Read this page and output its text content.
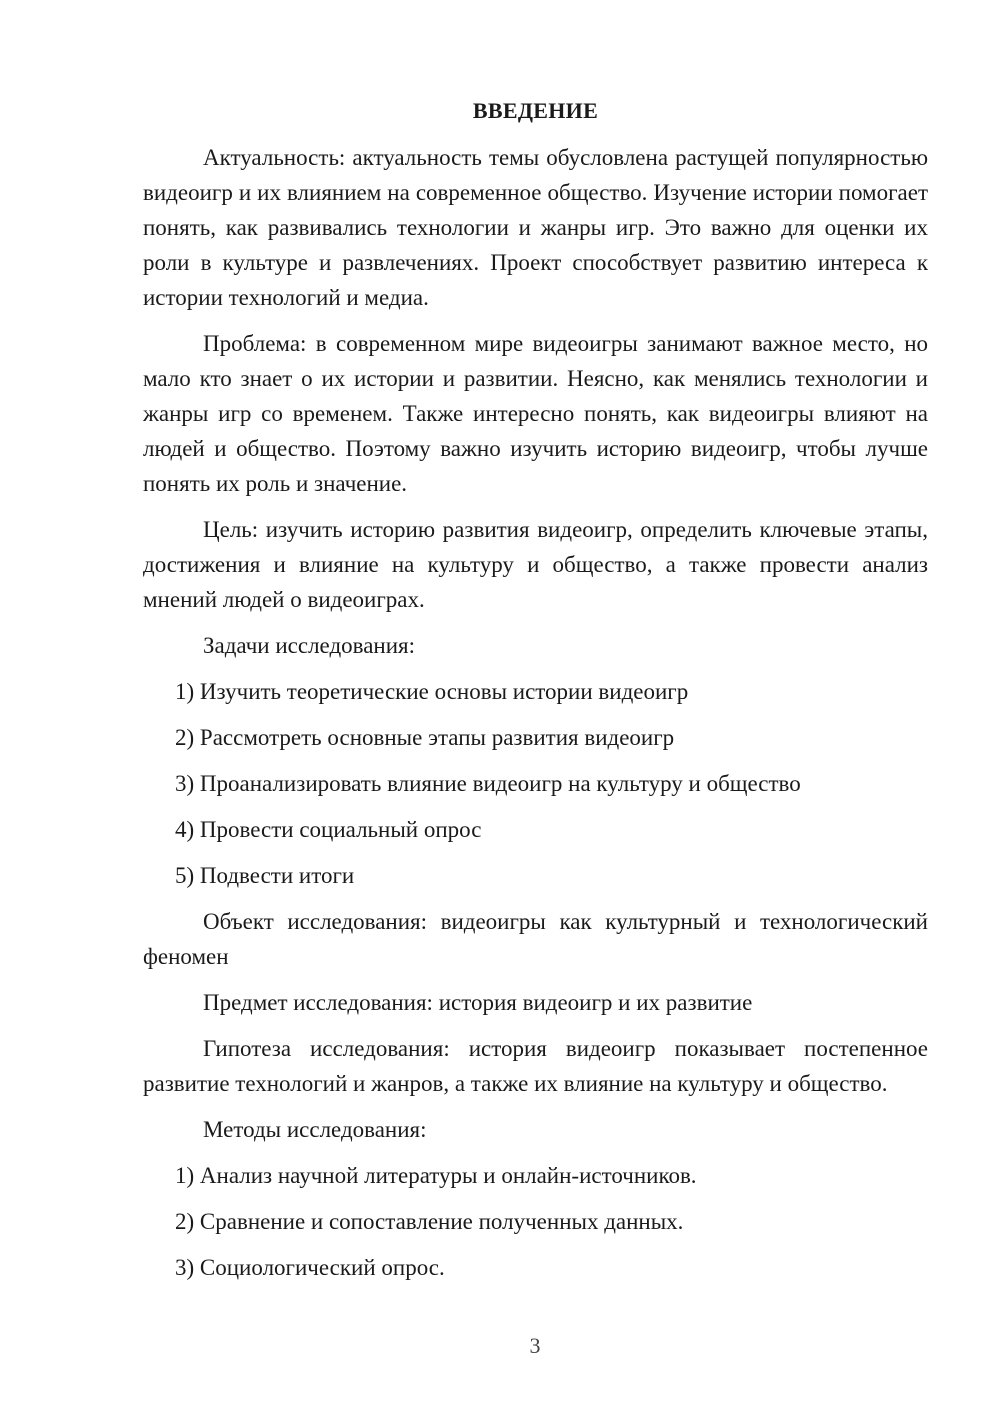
ВВЕДЕНИЕ

Актуальность: актуальность темы обусловлена растущей популярностью видеоигр и их влиянием на современное общество. Изучение истории помогает понять, как развивались технологии и жанры игр. Это важно для оценки их роли в культуре и развлечениях. Проект способствует развитию интереса к истории технологий и медиа.

Проблема: в современном мире видеоигры занимают важное место, но мало кто знает о их истории и развитии. Неясно, как менялись технологии и жанры игр со временем. Также интересно понять, как видеоигры влияют на людей и общество. Поэтому важно изучить историю видеоигр, чтобы лучше понять их роль и значение.

Цель: изучить историю развития видеоигр, определить ключевые этапы, достижения и влияние на культуру и общество, а также провести анализ мнений людей о видеоиграх.

Задачи исследования:

1) Изучить теоретические основы истории видеоигр
2) Рассмотреть основные этапы развития видеоигр
3) Проанализировать влияние видеоигр на культуру и общество
4) Провести социальный опрос
5) Подвести итоги

Объект исследования: видеоигры как культурный и технологический феномен

Предмет исследования: история видеоигр и их развитие

Гипотеза исследования: история видеоигр показывает постепенное развитие технологий и жанров, а также их влияние на культуру и общество.

Методы исследования:

1) Анализ научной литературы и онлайн-источников.
2) Сравнение и сопоставление полученных данных.
3) Социологический опрос.
3
